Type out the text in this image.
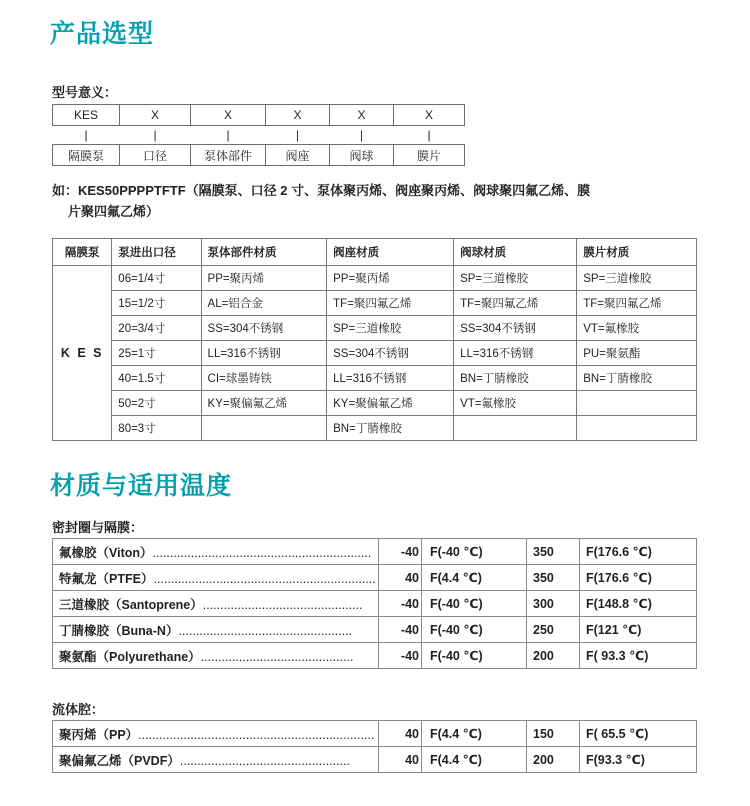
产品选型
型号意义：
KES	X	X	X	X	X
|	|	|	|	|	|
隔膜泵	口径	泵体部件	阀座	阀球	膜片
如：KES50PPPPTFTF（隔膜泵、口径 2 寸、泵体聚丙烯、阀座聚丙烯、阀球聚四氟乙烯、膜
片聚四氟乙烯）
隔膜泵	泵进出口径	泵体部件材质	阀座材质	阀球材质	膜片材质
K E S	06=1/4寸	PP=聚丙烯	PP=聚丙烯	SP=三道橡胶	SP=三道橡胶
	15=1/2寸	AL=铝合金	TF=聚四氟乙烯	TF=聚四氟乙烯	TF=聚四氟乙烯
	20=3/4寸	SS=304不锈钢	SP=三道橡胶	SS=304不锈钢	VT=氟橡胶
	25=1寸	LL=316不锈钢	SS=304不锈钢	LL=316不锈钢	PU=聚氨酯
	40=1.5寸	CI=球墨铸铁	LL=316不锈钢	BN=丁腈橡胶	BN=丁腈橡胶
	50=2寸	KY=聚偏氟乙烯	KY=聚偏氟乙烯	VT=氟橡胶	
	80=3寸		BN=丁腈橡胶		
材质与适用温度
密封圈与隔膜：
氟橡胶（Viton）...............................................................	-40	F(-40 ℃)	350	F(176.6 ℃)
特氟龙（PTFE）................................................................	40	F(4.4 ℃)	350	F(176.6 ℃)
三道橡胶（Santoprene）..............................................	-40	F(-40 ℃)	300	F(148.8 ℃)
丁腈橡胶（Buna-N）..................................................	-40	F(-40 ℃)	250	F(121 ℃)
聚氨酯（Polyurethane）............................................	-40	F(-40 ℃)	200	F( 93.3 ℃)
流体腔：
聚丙烯（PP）....................................................................	40	F(4.4 ℃)	150	F( 65.5 ℃)
聚偏氟乙烯（PVDF）.................................................	40	F(4.4 ℃)	200	F(93.3 ℃)
